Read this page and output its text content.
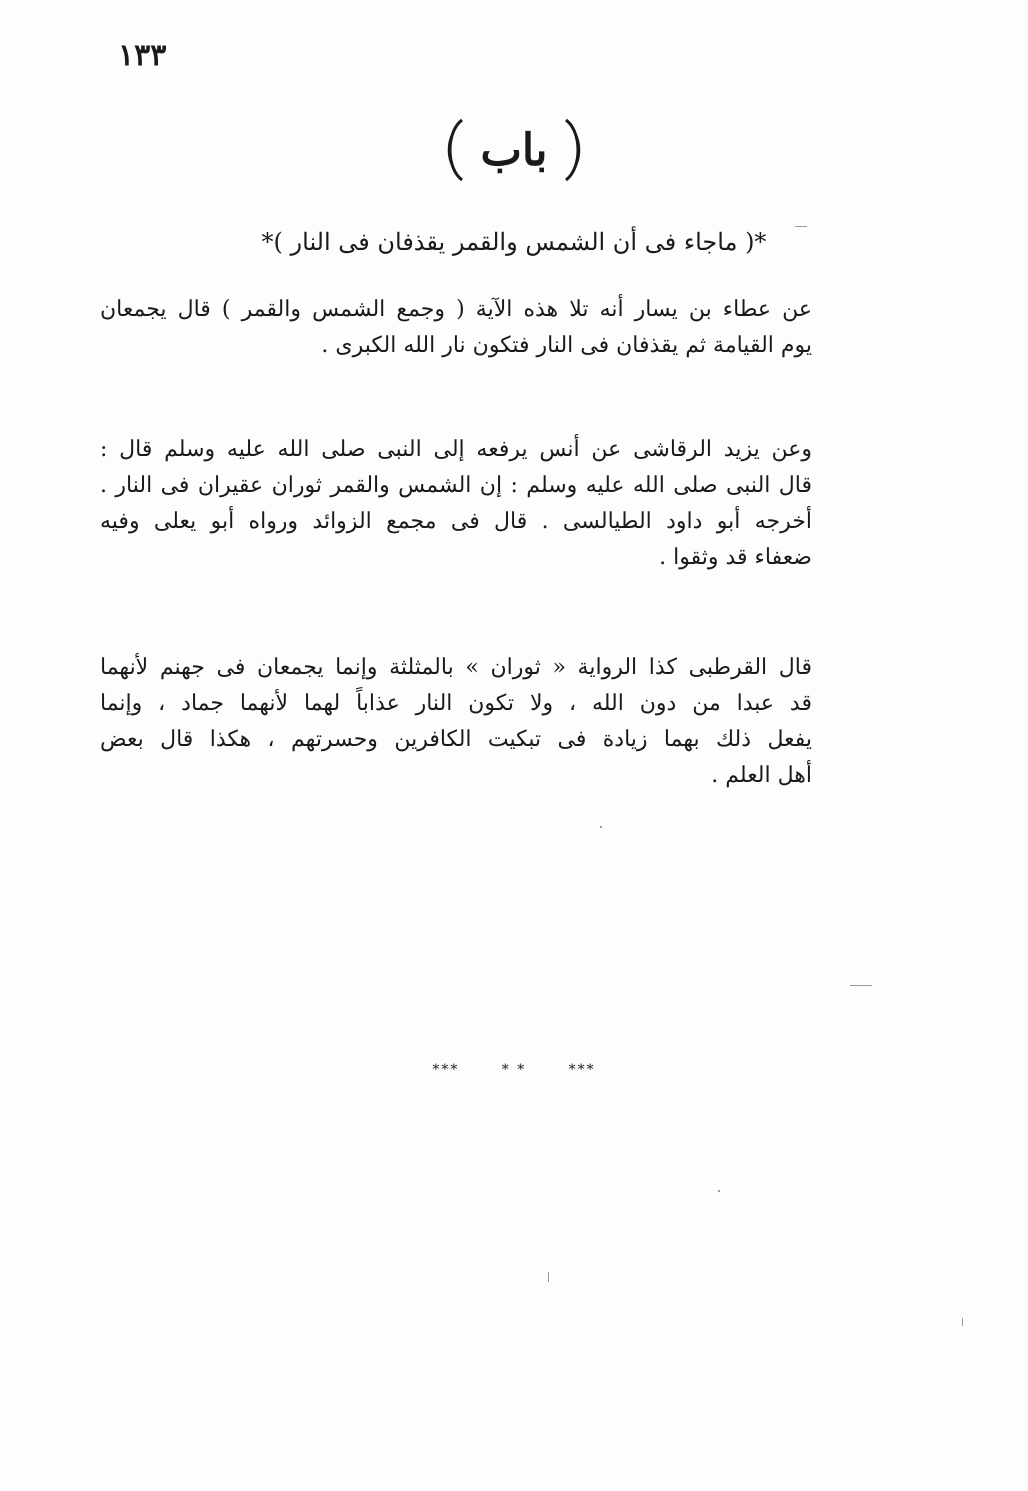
١٣٣
باب
*( ماجاء فى أن الشمس والقمر يقذفان فى النار )*
عن عطاء بن يسار أنه تلا هذه الآية ( وجمع الشمس والقمر ) قال يجمعان
يوم القيامة ثم يقذفان فى النار فتكون نار الله الكبرى .
وعن يزيد الرقاشى عن أنس يرفعه إلى النبى صلى الله عليه وسلم قال :
قال النبى صلى الله عليه وسلم : إن الشمس والقمر ثوران عقيران فى النار .
أخرجه أبو داود الطيالسى . قال فى مجمع الزوائد ورواه أبو يعلى وفيه
ضعفاء قد وثقوا .
قال القرطبى كذا الرواية « ثوران » بالمثلثة وإنما يجمعان فى جهنم لأنهما
قد عبدا من دون الله ، ولا تكون النار عذاباً لهما لأنهما جماد ، وإنما
يفعل ذلك بهما زيادة فى تبكيت الكافرين وحسرتهم ، هكذا قال بعض
أهل العلم .
***	* *	***
